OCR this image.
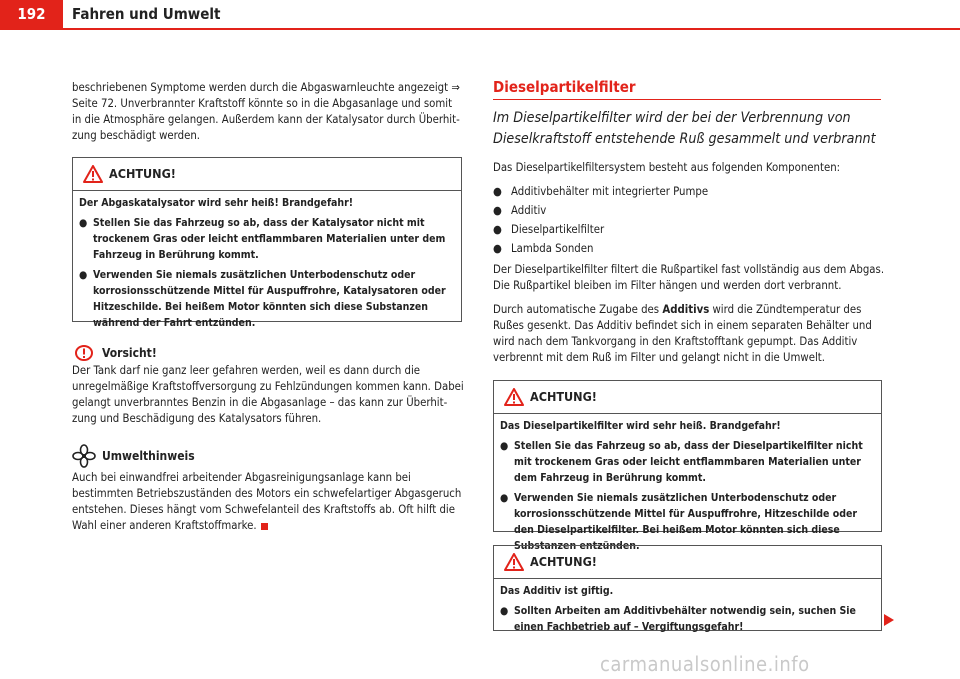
192	Fahren und Umwelt

beschriebenen Symptome werden durch die Abgaswarnleuchte angezeigt ⇒ Seite 72. Unverbrannter Kraftstoff könnte so in die Abgasanlage und somit in die Atmosphäre gelangen. Außerdem kann der Katalysator durch Überhitzung beschädigt werden.

ACHTUNG!

Der Abgaskatalysator wird sehr heiß! Brandgefahr!

● Stellen Sie das Fahrzeug so ab, dass der Katalysator nicht mit trockenem Gras oder leicht entflammbaren Materialien unter dem Fahrzeug in Berührung kommt.
● Verwenden Sie niemals zusätzlichen Unterbodenschutz oder korrosionsschützende Mittel für Auspuffrohre, Katalysatoren oder Hitzeschilde. Bei heißem Motor könnten sich diese Substanzen während der Fahrt entzünden.
Vorsicht!

Der Tank darf nie ganz leer gefahren werden, weil es dann durch die unregelmäßige Kraftstoffversorgung zu Fehlzündungen kommen kann. Dabei gelangt unverbranntes Benzin in die Abgasanlage – das kann zur Überhitzung und Beschädigung des Katalysators führen.

Umwelthinweis

Auch bei einwandfrei arbeitender Abgasreinigungsanlage kann bei bestimmten Betriebszuständen des Motors ein schwefelartiger Abgasgeruch entstehen. Dieses hängt vom Schwefelanteil des Kraftstoffs ab. Oft hilft die Wahl einer anderen Kraftstoffmarke.

Dieselpartikelfilter
Im Dieselpartikelfilter wird der bei der Verbrennung von Dieselkraftstoff entstehende Ruß gesammelt und verbrannt

Das Dieselpartikelfiltersystem besteht aus folgenden Komponenten:

● Additivbehälter mit integrierter Pumpe
● Additiv
● Dieselpartikelfilter
● Lambda Sonden

Der Dieselpartikelfilter filtert die Rußpartikel fast vollständig aus dem Abgas. Die Rußpartikel bleiben im Filter hängen und werden dort verbrannt.

Durch automatische Zugabe des Additivs wird die Zündtemperatur des Rußes gesenkt. Das Additiv befindet sich in einem separaten Behälter und wird nach dem Tankvorgang in den Kraftstofftank gepumpt. Das Additiv verbrennt mit dem Ruß im Filter und gelangt nicht in die Umwelt.

ACHTUNG!

Das Dieselpartikelfilter wird sehr heiß. Brandgefahr!

● Stellen Sie das Fahrzeug so ab, dass der Dieselpartikelfilter nicht mit trockenem Gras oder leicht entflammbaren Materialien unter dem Fahrzeug in Berührung kommt.
● Verwenden Sie niemals zusätzlichen Unterbodenschutz oder korrosionsschützende Mittel für Auspuffrohre, Hitzeschilde oder den Dieselpartikelfilter. Bei heißem Motor könnten sich diese Substanzen entzünden.
ACHTUNG!

Das Additiv ist giftig.

● Sollten Arbeiten am Additivbehälter notwendig sein, suchen Sie einen Fachbetrieb auf – Vergiftungsgefahr!
carmanualsonline.info
